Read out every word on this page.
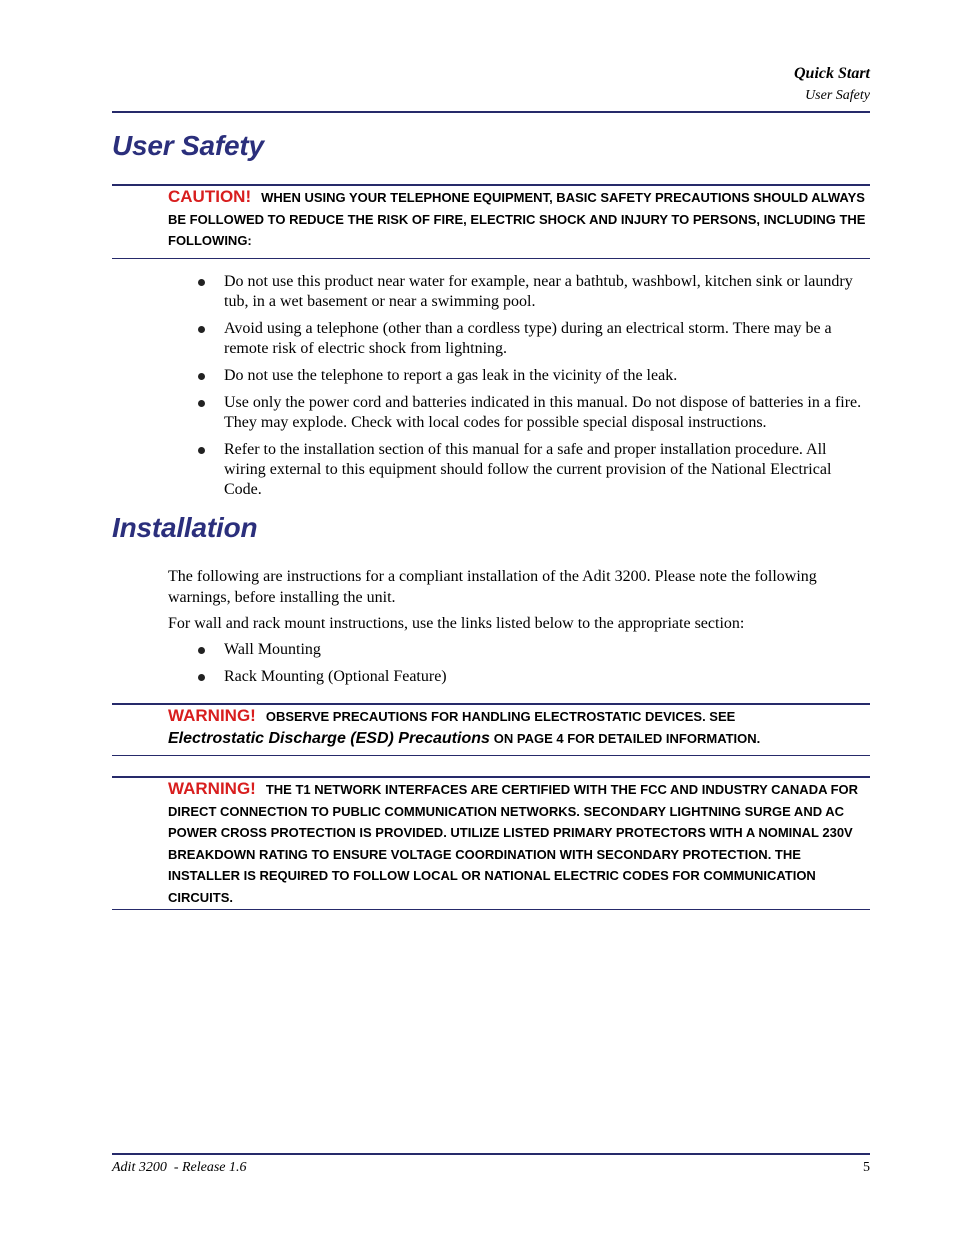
Quick Start
User Safety
User Safety
CAUTION! WHEN USING YOUR TELEPHONE EQUIPMENT, BASIC SAFETY PRECAUTIONS SHOULD ALWAYS BE FOLLOWED TO REDUCE THE RISK OF FIRE, ELECTRIC SHOCK AND INJURY TO PERSONS, INCLUDING THE FOLLOWING:
Do not use this product near water for example, near a bathtub, washbowl, kitchen sink or laundry tub, in a wet basement or near a swimming pool.
Avoid using a telephone (other than a cordless type) during an electrical storm. There may be a remote risk of electric shock from lightning.
Do not use the telephone to report a gas leak in the vicinity of the leak.
Use only the power cord and batteries indicated in this manual. Do not dispose of batteries in a fire. They may explode. Check with local codes for possible special disposal instructions.
Refer to the installation section of this manual for a safe and proper installation procedure. All wiring external to this equipment should follow the current provision of the National Electrical Code.
Installation

The following are instructions for a compliant installation of the Adit 3200. Please note the following warnings, before installing the unit.

For wall and rack mount instructions, use the links listed below to the appropriate section:

Wall Mounting
Rack Mounting (Optional Feature)
WARNING! OBSERVE PRECAUTIONS FOR HANDLING ELECTROSTATIC DEVICES. SEE
Electrostatic Discharge (ESD) Precautions ON PAGE 4 FOR DETAILED INFORMATION.
WARNING! THE T1 NETWORK INTERFACES ARE CERTIFIED WITH THE FCC AND INDUSTRY CANADA FOR DIRECT CONNECTION TO PUBLIC COMMUNICATION NETWORKS. SECONDARY LIGHTNING SURGE AND AC POWER CROSS PROTECTION IS PROVIDED. UTILIZE LISTED PRIMARY PROTECTORS WITH A NOMINAL 230V BREAKDOWN RATING TO ENSURE VOLTAGE COORDINATION WITH SECONDARY PROTECTION. THE INSTALLER IS REQUIRED TO FOLLOW LOCAL OR NATIONAL ELECTRIC CODES FOR COMMUNICATION CIRCUITS.
Adit 3200  - Release 1.6	5
